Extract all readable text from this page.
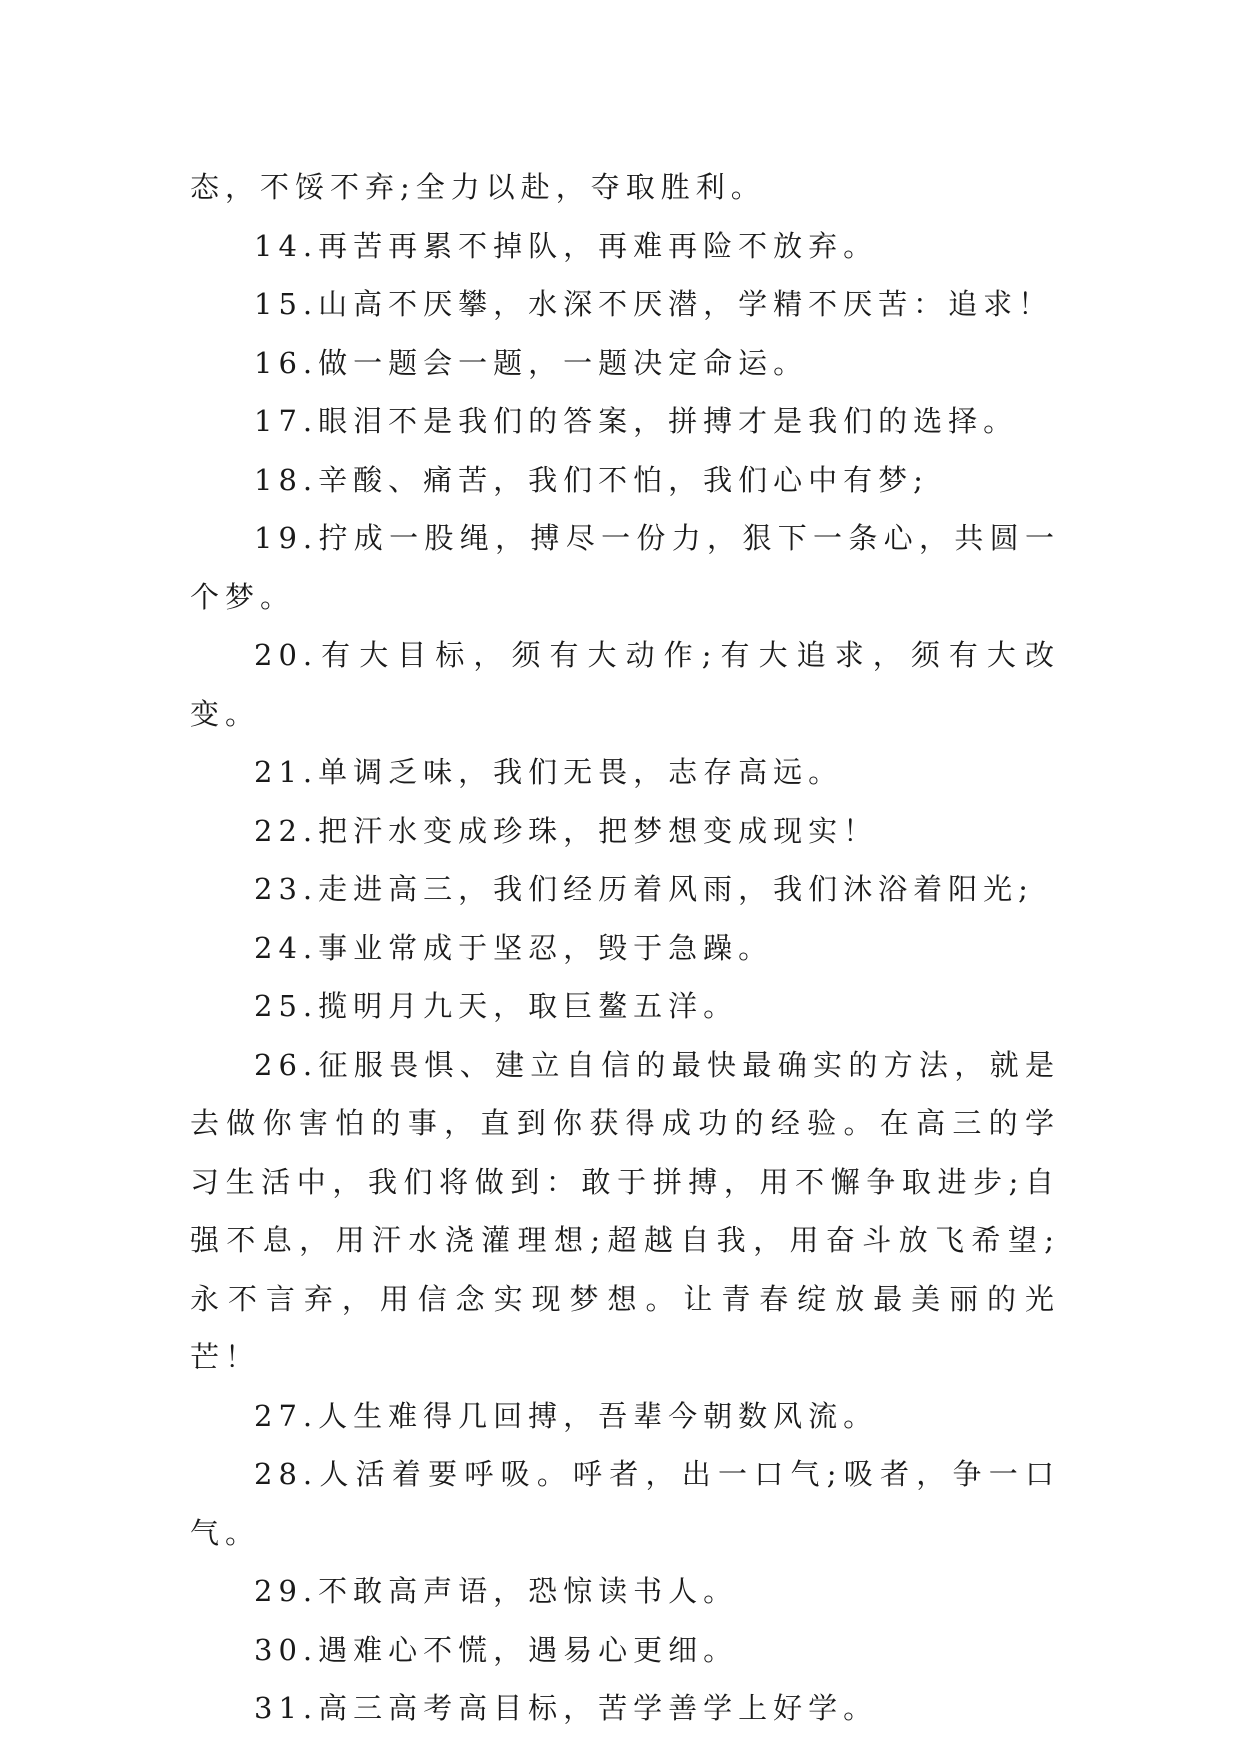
态，不馁不弃;全力以赴，夺取胜利。

14.再苦再累不掉队，再难再险不放弃。

15.山高不厌攀，水深不厌潜，学精不厌苦：追求！

16.做一题会一题，一题决定命运。

17.眼泪不是我们的答案，拼搏才是我们的选择。

18.辛酸、痛苦，我们不怕，我们心中有梦;

19.拧成一股绳，搏尽一份力，狠下一条心，共圆一个梦。

20.有大目标，须有大动作;有大追求，须有大改变。

21.单调乏味，我们无畏，志存高远。

22.把汗水变成珍珠，把梦想变成现实！

23.走进高三，我们经历着风雨，我们沐浴着阳光;

24.事业常成于坚忍，毁于急躁。

25.揽明月九天，取巨鳌五洋。

26.征服畏惧、建立自信的最快最确实的方法，就是去做你害怕的事，直到你获得成功的经验。在高三的学习生活中，我们将做到：敢于拼搏，用不懈争取进步;自强不息，用汗水浇灌理想;超越自我，用奋斗放飞希望;永不言弃，用信念实现梦想。让青春绽放最美丽的光芒！

27.人生难得几回搏，吾辈今朝数风流。

28.人活着要呼吸。呼者，出一口气;吸者，争一口气。

29.不敢高声语，恐惊读书人。

30.遇难心不慌，遇易心更细。

31.高三高考高目标，苦学善学上好学。
